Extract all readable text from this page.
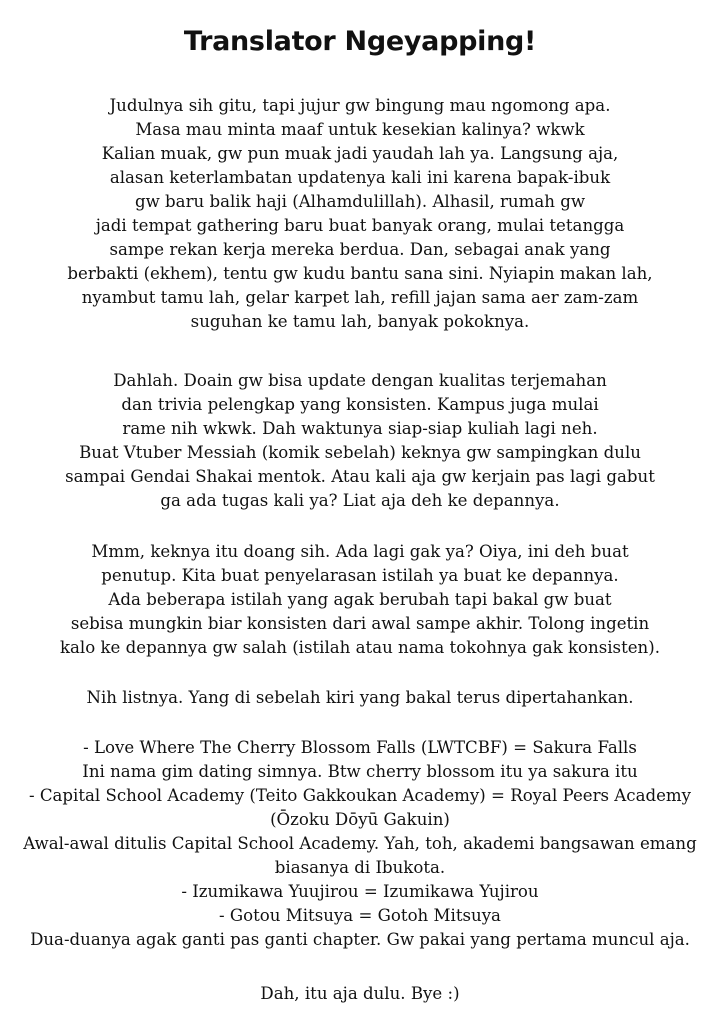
Translator Ngeyapping!
Judulnya sih gitu, tapi jujur gw bingung mau ngomong apa.
Masa mau minta maaf untuk kesekian kalinya? wkwk
Kalian muak, gw pun muak jadi yaudah lah ya. Langsung aja,
alasan keterlambatan updatenya kali ini karena bapak-ibuk
gw baru balik haji (Alhamdulillah). Alhasil, rumah gw
jadi tempat gathering baru buat banyak orang, mulai tetangga
sampe rekan kerja mereka berdua. Dan, sebagai anak yang
berbakti (ekhem), tentu gw kudu bantu sana sini. Nyiapin makan lah,
nyambut tamu lah, gelar karpet lah, refill jajan sama aer zam-zam
suguhan ke tamu lah, banyak pokoknya.
Dahlah. Doain gw bisa update dengan kualitas terjemahan
dan trivia pelengkap yang konsisten. Kampus juga mulai
rame nih wkwk. Dah waktunya siap-siap kuliah lagi neh.
Buat Vtuber Messiah (komik sebelah) keknya gw sampingkan dulu
sampai Gendai Shakai mentok. Atau kali aja gw kerjain pas lagi gabut
ga ada tugas kali ya? Liat aja deh ke depannya.
Mmm, keknya itu doang sih. Ada lagi gak ya? Oiya, ini deh buat
penutup. Kita buat penyelarasan istilah ya buat ke depannya.
Ada beberapa istilah yang agak berubah tapi bakal gw buat
sebisa mungkin biar konsisten dari awal sampe akhir. Tolong ingetin
kalo ke depannya gw salah (istilah atau nama tokohnya gak konsisten).
Nih listnya. Yang di sebelah kiri yang bakal terus dipertahankan.
- Love Where The Cherry Blossom Falls (LWTCBF) = Sakura Falls
Ini nama gim dating simnya. Btw cherry blossom itu ya sakura itu
- Capital School Academy (Teito Gakkoukan Academy) = Royal Peers Academy
(Ōzoku Dōyū Gakuin)
Awal-awal ditulis Capital School Academy. Yah, toh, akademi bangsawan emang
biasanya di Ibukota.
- Izumikawa Yuujirou = Izumikawa Yujirou
- Gotou Mitsuya = Gotoh Mitsuya
Dua-duanya agak ganti pas ganti chapter. Gw pakai yang pertama muncul aja.
Dah, itu aja dulu. Bye :)
